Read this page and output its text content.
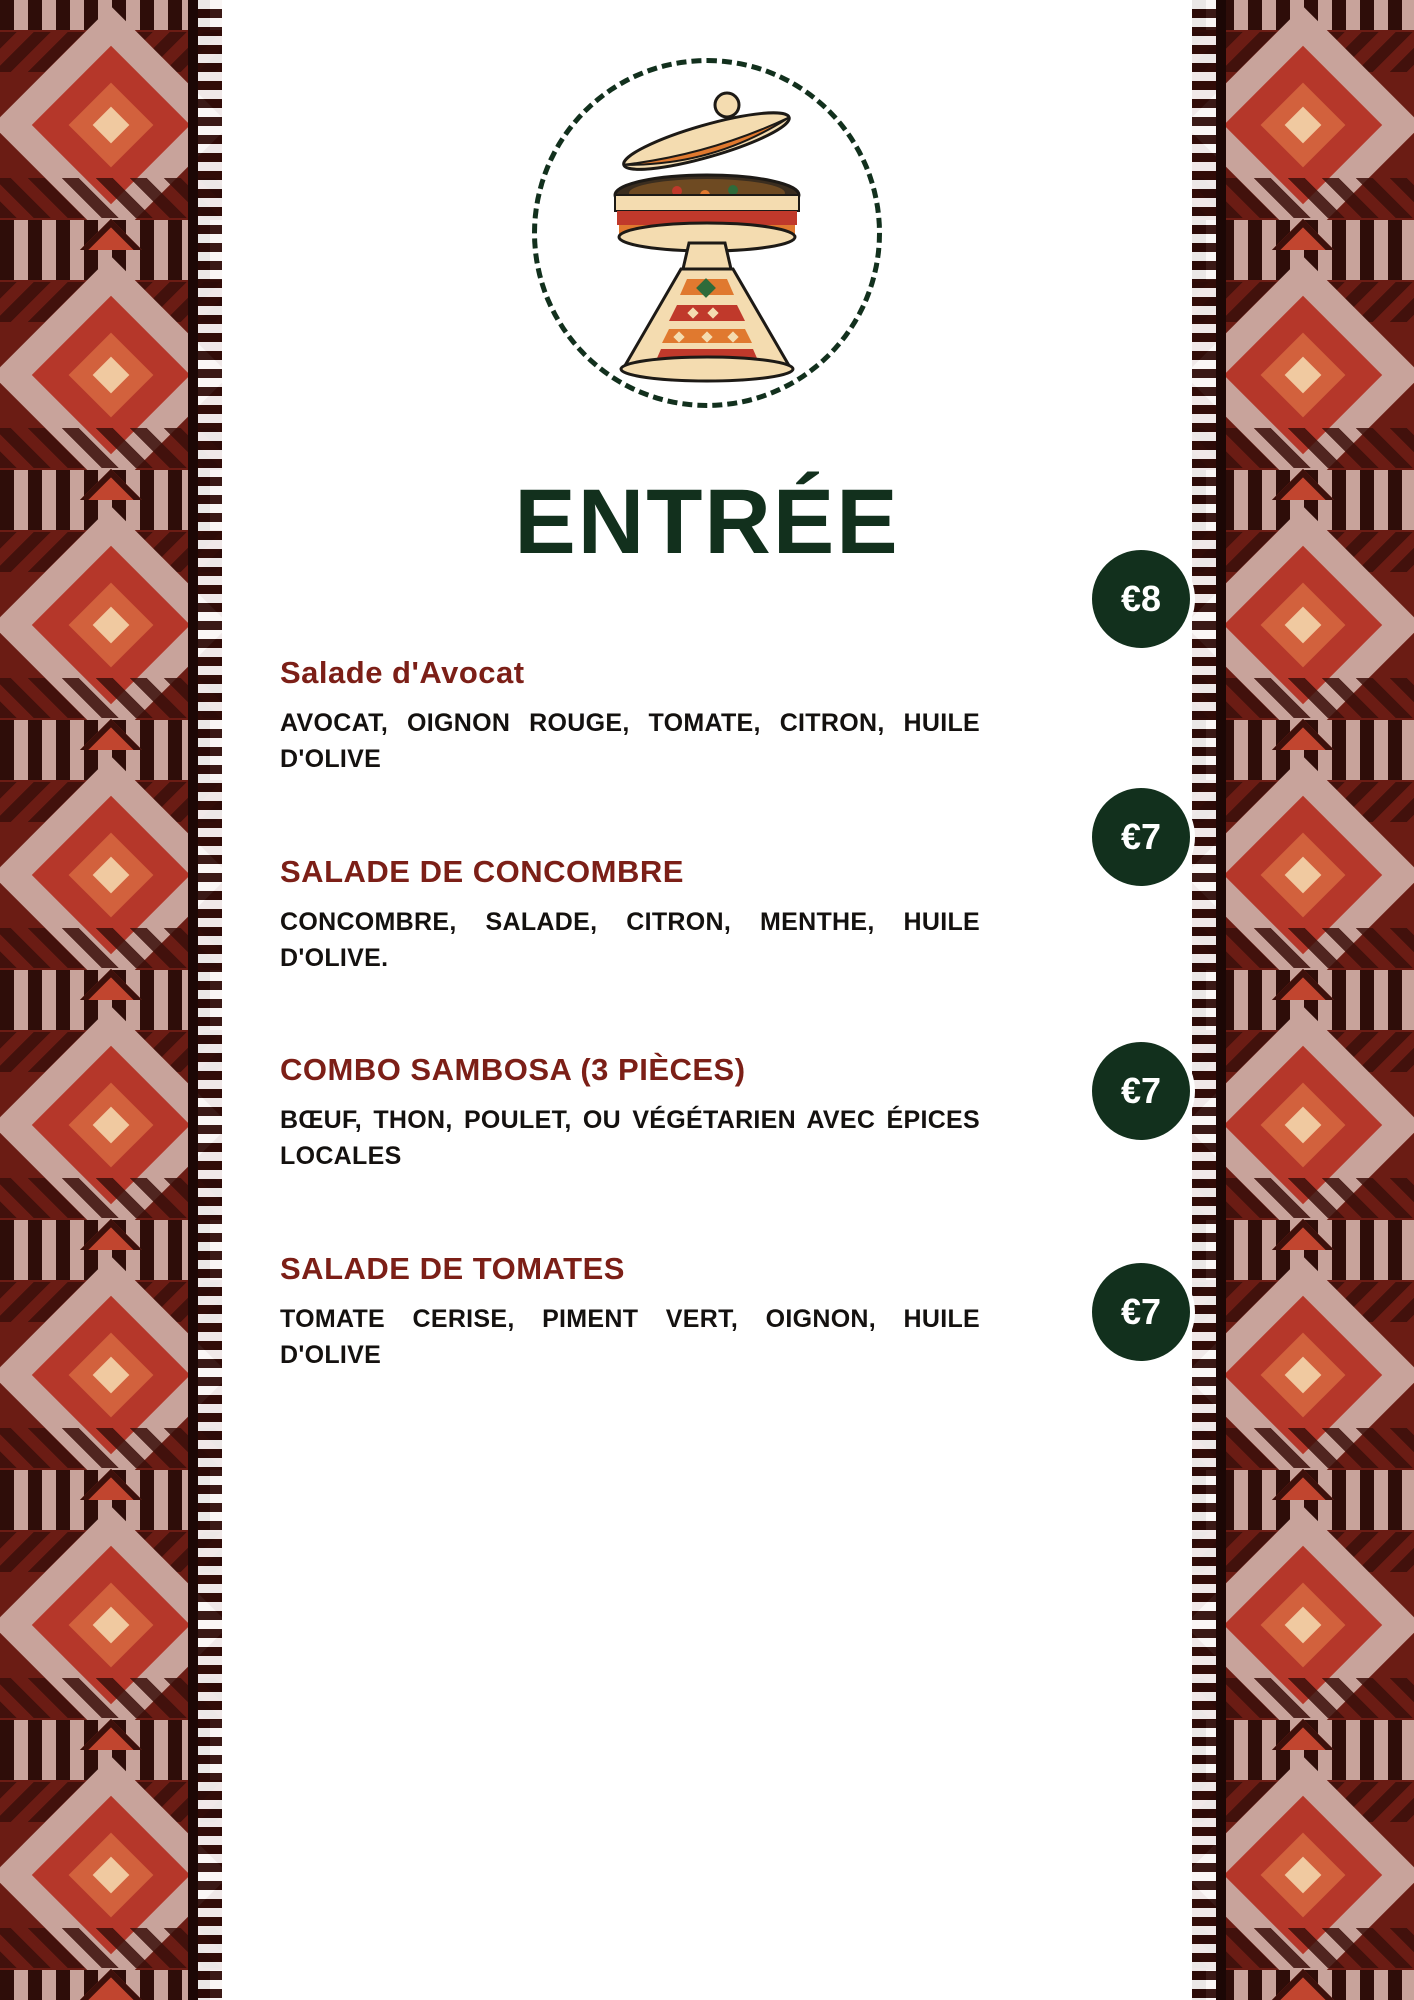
ENTRÉE
Salade d'Avocat
AVOCAT, OIGNON ROUGE, TOMATE, CITRON, HUILE D'OLIVE
SALADE DE CONCOMBRE
CONCOMBRE, SALADE, CITRON, MENTHE, HUILE D'OLIVE.
COMBO SAMBOSA (3 PIÈCES)
BŒUF, THON, POULET, OU VÉGÉTARIEN AVEC ÉPICES LOCALES
SALADE DE TOMATES
TOMATE CERISE, PIMENT VERT, OIGNON, HUILE D'OLIVE
€8
€7
€7
€7
